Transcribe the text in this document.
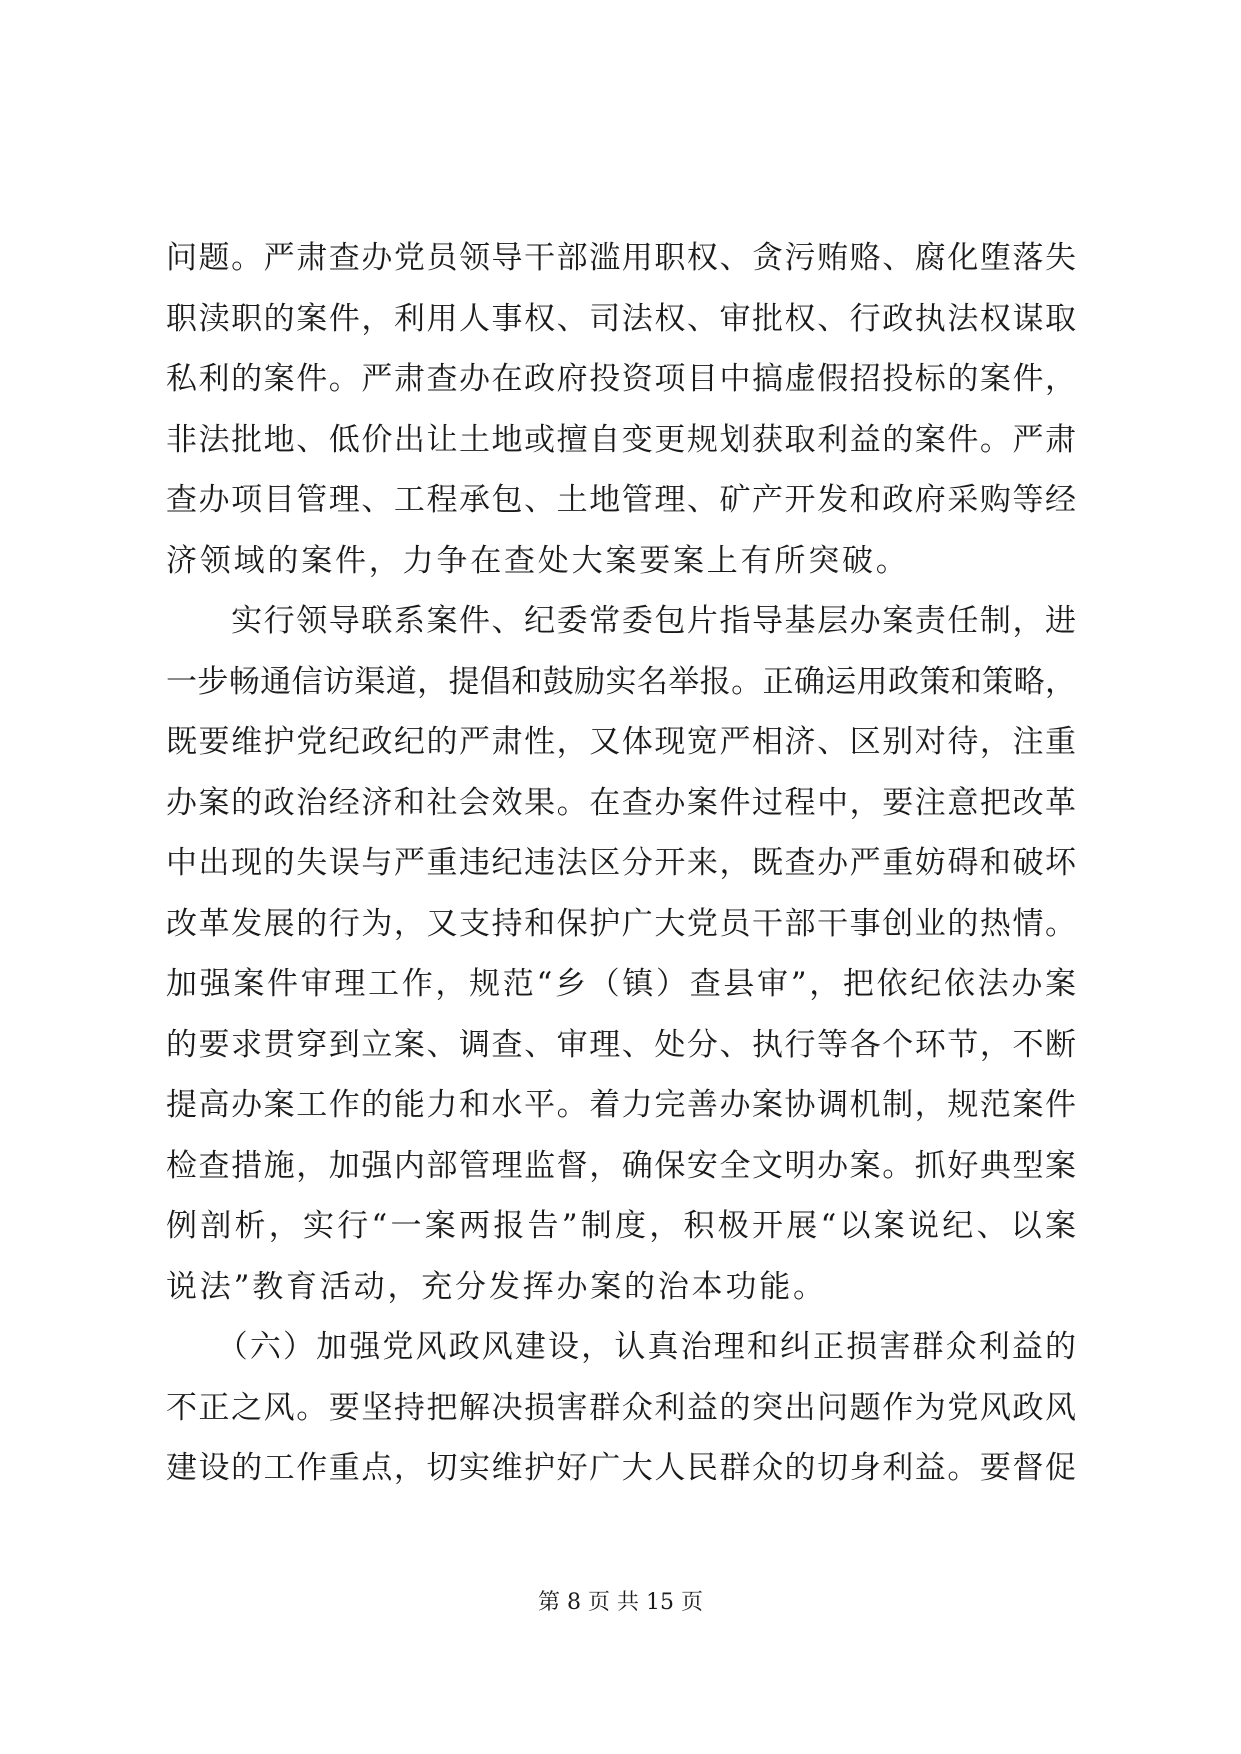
问题。严肃查办党员领导干部滥用职权、贪污贿赂、腐化堕落失
职渎职的案件，利用人事权、司法权、审批权、行政执法权谋取
私利的案件。严肃查办在政府投资项目中搞虚假招投标的案件，
非法批地、低价出让土地或擅自变更规划获取利益的案件。严肃
查办项目管理、工程承包、土地管理、矿产开发和政府采购等经
济领域的案件，力争在查处大案要案上有所突破。
　　实行领导联系案件、纪委常委包片指导基层办案责任制，进
一步畅通信访渠道，提倡和鼓励实名举报。正确运用政策和策略，
既要维护党纪政纪的严肃性，又体现宽严相济、区别对待，注重
办案的政治经济和社会效果。在查办案件过程中，要注意把改革
中出现的失误与严重违纪违法区分开来，既查办严重妨碍和破坏
改革发展的行为，又支持和保护广大党员干部干事创业的热情。
加强案件审理工作，规范“乡（镇）查县审”，把依纪依法办案
的要求贯穿到立案、调查、审理、处分、执行等各个环节，不断
提高办案工作的能力和水平。着力完善办案协调机制，规范案件
检查措施，加强内部管理监督，确保安全文明办案。抓好典型案
例剖析，实行“一案两报告”制度，积极开展“以案说纪、以案
说法”教育活动，充分发挥办案的治本功能。
　　（六）加强党风政风建设，认真治理和纠正损害群众利益的
不正之风。要坚持把解决损害群众利益的突出问题作为党风政风
建设的工作重点，切实维护好广大人民群众的切身利益。要督促
第 8 页 共 15 页
